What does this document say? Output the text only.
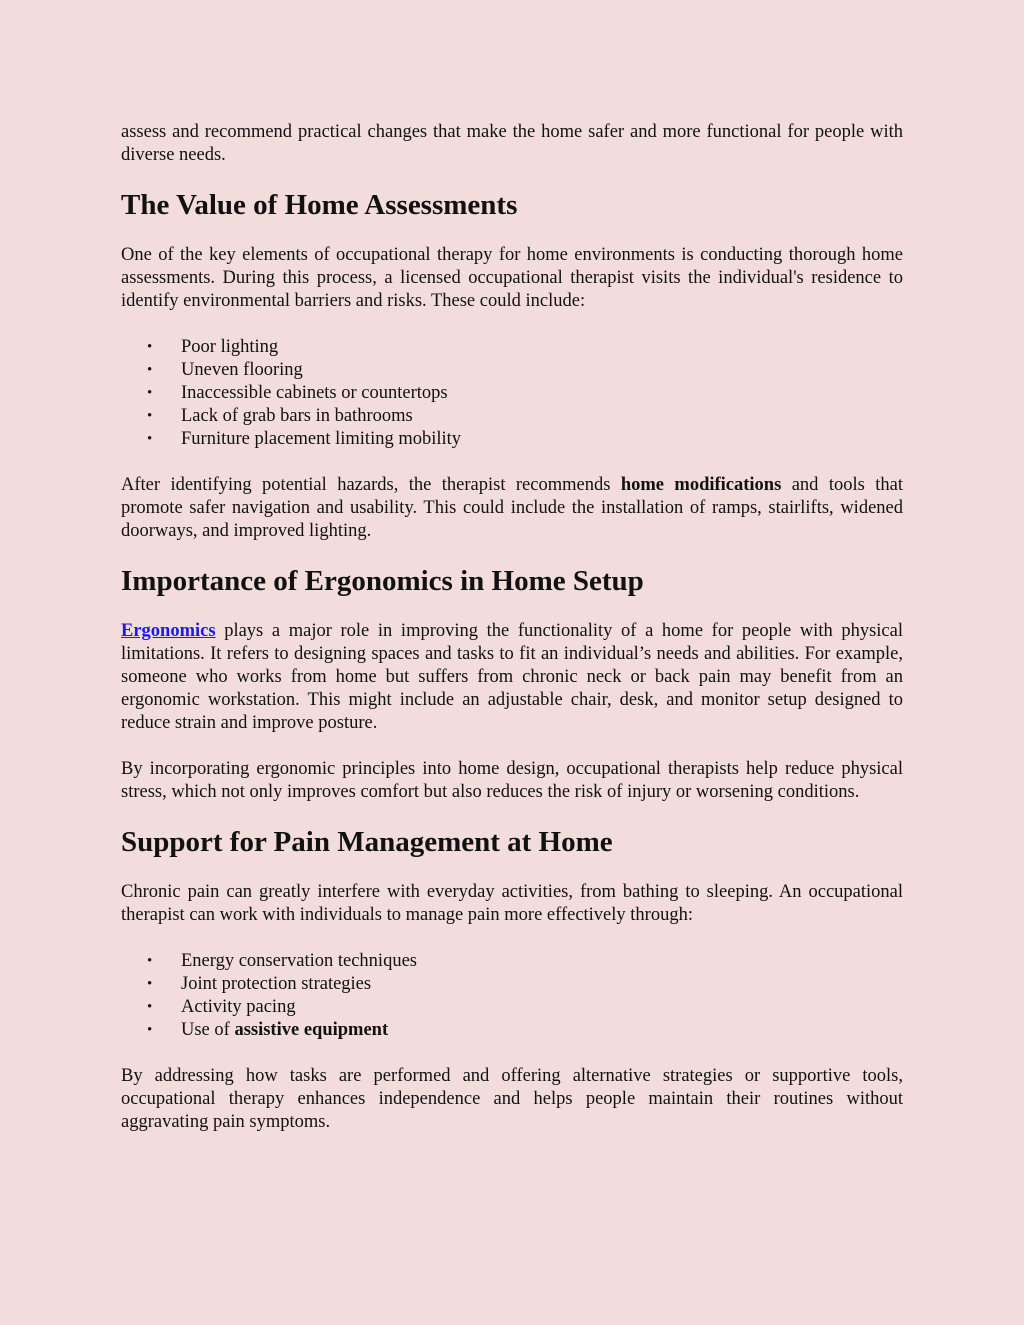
assess and recommend practical changes that make the home safer and more functional for people with diverse needs.

The Value of Home Assessments

One of the key elements of occupational therapy for home environments is conducting thorough home assessments. During this process, a licensed occupational therapist visits the individual's residence to identify environmental barriers and risks. These could include:

• Poor lighting
• Uneven flooring
• Inaccessible cabinets or countertops
• Lack of grab bars in bathrooms
• Furniture placement limiting mobility

After identifying potential hazards, the therapist recommends home modifications and tools that promote safer navigation and usability. This could include the installation of ramps, stairlifts, widened doorways, and improved lighting.

Importance of Ergonomics in Home Setup

Ergonomics plays a major role in improving the functionality of a home for people with physical limitations. It refers to designing spaces and tasks to fit an individual’s needs and abilities. For example, someone who works from home but suffers from chronic neck or back pain may benefit from an ergonomic workstation. This might include an adjustable chair, desk, and monitor setup designed to reduce strain and improve posture.

By incorporating ergonomic principles into home design, occupational therapists help reduce physical stress, which not only improves comfort but also reduces the risk of injury or worsening conditions.

Support for Pain Management at Home

Chronic pain can greatly interfere with everyday activities, from bathing to sleeping. An occupational therapist can work with individuals to manage pain more effectively through:

• Energy conservation techniques
• Joint protection strategies
• Activity pacing
• Use of assistive equipment

By addressing how tasks are performed and offering alternative strategies or supportive tools, occupational therapy enhances independence and helps people maintain their routines without aggravating pain symptoms.
